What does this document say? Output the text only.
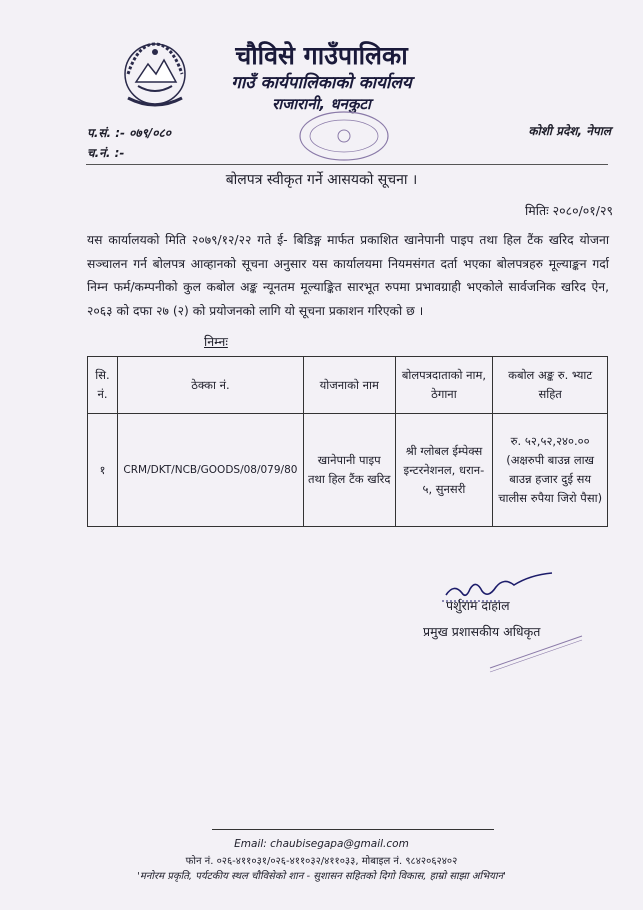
चौविसे गाउँपालिका
गाउँ कार्यपालिकाको कार्यालय
राजारानी, धनकुटा
प.सं. :- ०७९/०८०
च.नं. :-
कोशी प्रदेश, नेपाल
बोलपत्र स्वीकृत गर्ने आसयको सूचना ।
मितिः २०८०/०१/२९
यस कार्यालयको मिति २०७९/१२/२२ गते ई- बिडिङ्ग मार्फत प्रकाशित खानेपानी पाइप तथा हिल टैंक खरिद योजना सञ्चालन गर्न बोलपत्र आव्हानको सूचना अनुसार यस कार्यालयमा नियमसंगत दर्ता भएका बोलपत्रहरु मूल्याङ्कन गर्दा निम्न फर्म/कम्पनीको कुल कबोल अङ्क न्यूनतम मूल्याङ्कित सारभूत रुपमा प्रभावग्राही भएकोले सार्वजनिक खरिद ऐन, २०६३ को दफा २७ (२) को प्रयोजनको लागि यो सूचना प्रकाशन गरिएको छ ।
निम्नः
सि. नं.	ठेक्का नं.	योजनाको नाम	बोलपत्रदाताको नाम, ठेगाना	कबोल अङ्क रु. भ्याट सहित
१	CRM/DKT/NCB/GOODS/08/079/80	खानेपानी पाइप तथा हिल टैंक खरिद	श्री ग्लोबल ईम्पेक्स इन्टरनेशनल, धरान- ५, सुनसरी	रु. ५२,५२,२४०.०० (अक्षरुपी बाउन्न लाख बाउन्न हजार दुई सय चालीस रुपैया जिरो पैसा)
पर्शुराम दाहाल
प्रमुख प्रशासकीय अधिकृत
Email: chaubisegapa@gmail.com
फोन नं. ०२६-४११०३१/०२६-४११०३२/४११०३३, मोबाइल नं. ९८४२०६२४०२
'मनोरम प्रकृति, पर्यटकीय स्थल चौविसेको शान - सुशासन सहितको दिगो विकास, हाम्रो साझा अभियान'
